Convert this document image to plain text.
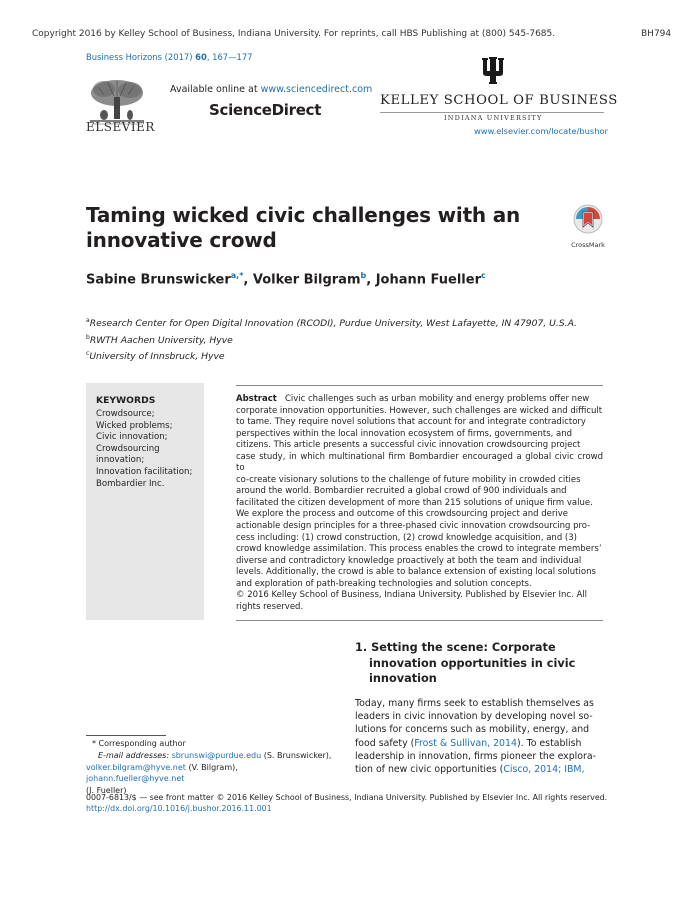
Copyright 2016 by Kelley School of Business, Indiana University. For reprints, call HBS Publishing at (800) 545-7685.	BH794
Business Horizons (2017) 60, 167—177
ELSEVIER
Available online at www.sciencedirect.com
ScienceDirect
KELLEY SCHOOL OF BUSINESS
INDIANA UNIVERSITY
www.elsevier.com/locate/bushor
Taming wicked civic challenges with an
innovative crowd	CrossMark
Sabine Brunswicker$^{a,*}$, Volker Bilgram$^b$, Johann Fueller$^c$
$^a$Research Center for Open Digital Innovation (RCODI), Purdue University, West Lafayette, IN 47907, U.S.A.
$^b$RWTH Aachen University, Hyve
$^c$University of Innsbruck, Hyve
KEYWORDS
Crowdsource;
Wicked problems;
Civic innovation;
Crowdsourcing
innovation;
Innovation facilitation;
Bombardier Inc.
Abstract Civic challenges such as urban mobility and energy problems offer new
corporate innovation opportunities. However, such challenges are wicked and difficult
to tame. They require novel solutions that account for and integrate contradictory
perspectives within the local innovation ecosystem of firms, governments, and
citizens. This article presents a successful civic innovation crowdsourcing project
case study, in which multinational firm Bombardier encouraged a global civic crowd to
co-create visionary solutions to the challenge of future mobility in crowded cities
around the world. Bombardier recruited a global crowd of 900 individuals and
facilitated the citizen development of more than 215 solutions of unique firm value.
We explore the process and outcome of this crowdsourcing project and derive
actionable design principles for a three-phased civic innovation crowdsourcing pro-
cess including: (1) crowd construction, (2) crowd knowledge acquisition, and (3)
crowd knowledge assimilation. This process enables the crowd to integrate members’
diverse and contradictory knowledge proactively at both the team and individual
levels. Additionally, the crowd is able to balance extension of existing local solutions
and exploration of path-breaking technologies and solution concepts.
© 2016 Kelley School of Business, Indiana University. Published by Elsevier Inc. All
rights reserved.
1. Setting the scene: Corporate
innovation opportunities in civic
innovation
Today, many firms seek to establish themselves as
leaders in civic innovation by developing novel so-
lutions for concerns such as mobility, energy, and
food safety (Frost & Sullivan, 2014). To establish
leadership in innovation, firms pioneer the explora-
tion of new civic opportunities (Cisco, 2014; IBM,
* Corresponding author
E-mail addresses: sbrunswi@purdue.edu (S. Brunswicker),
volker.bilgram@hyve.net (V. Bilgram), johann.fueller@hyve.net
(J. Fueller)
0007-6813/$ — see front matter © 2016 Kelley School of Business, Indiana University. Published by Elsevier Inc. All rights reserved.
http://dx.doi.org/10.1016/j.bushor.2016.11.001
